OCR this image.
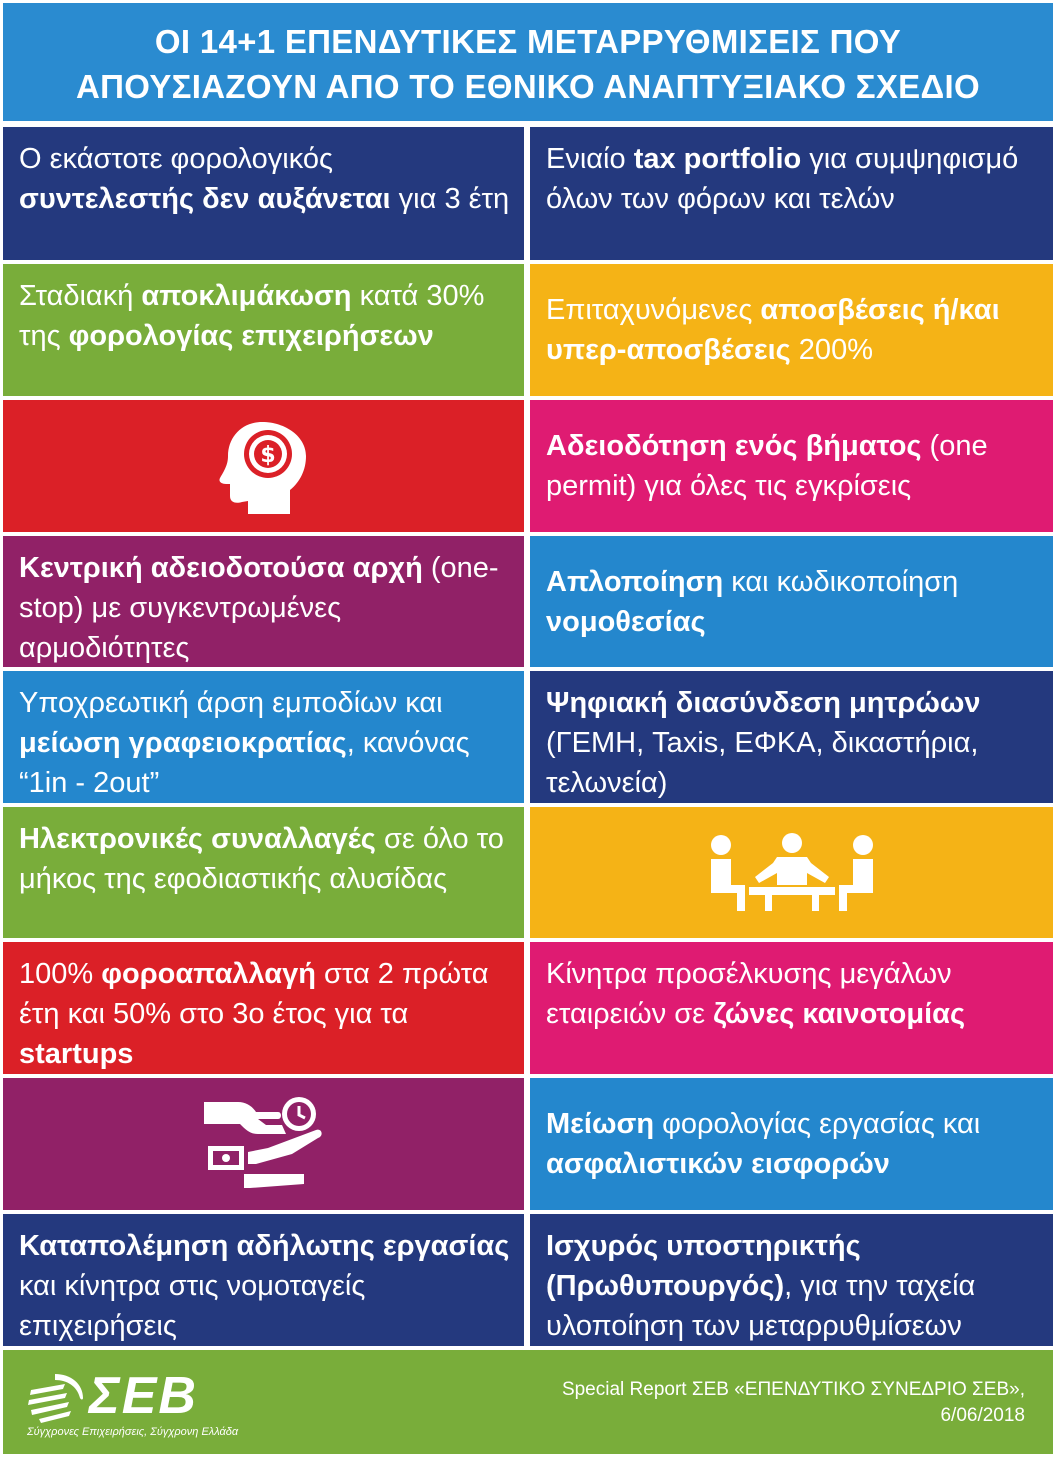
ΟΙ 14+1 ΕΠΕΝΔΥΤΙΚΕΣ ΜΕΤΑΡΡΥΘΜΙΣΕΙΣ ΠΟΥ
ΑΠΟΥΣΙΑΖΟΥΝ ΑΠΟ ΤΟ ΕΘΝΙΚΟ ΑΝΑΠΤΥΞΙΑΚΟ ΣΧΕΔΙΟ
Ο εκάστοτε φορολογικός συντελεστής δεν αυξάνεται για 3 έτη
Ενιαίο tax portfolio για συμψηφισμό όλων των φόρων και τελών
Σταδιακή αποκλιμάκωση κατά 30% της φορολογίας επιχειρήσεων
Επιταχυνόμενες αποσβέσεις ή/και υπερ-αποσβέσεις 200%
$	Αδειοδότηση ενός βήματος (one permit) για όλες τις εγκρίσεις
Κεντρική αδειοδοτούσα αρχή (one-stop) με συγκεντρωμένες αρμοδιότητες
Απλοποίηση και κωδικοποίηση νομοθεσίας
Υποχρεωτική άρση εμποδίων και μείωση γραφειοκρατίας, κανόνας “1in - 2out”
Ψηφιακή διασύνδεση μητρώων (ΓΕΜΗ, Taxis, ΕΦΚΑ, δικαστήρια, τελωνεία)
Ηλεκτρονικές συναλλαγές σε όλο το μήκος της εφοδιαστικής αλυσίδας
100% φοροαπαλλαγή στα 2 πρώτα έτη και 50% στο 3ο έτος για τα startups
Κίνητρα προσέλκυσης μεγάλων εταιρειών σε ζώνες καινοτομίας
Μείωση φορολογίας εργασίας και ασφαλιστικών εισφορών
Καταπολέμηση αδήλωτης εργασίας και κίνητρα στις νομοταγείς επιχειρήσεις
Ισχυρός υποστηρικτής (Πρωθυπουργός), για την ταχεία υλοποίηση των μεταρρυθμίσεων
ΣΕΒ
Σύγχρονες Επιχειρήσεις, Σύγχρονη Ελλάδα
Special Report ΣΕΒ «ΕΠΕΝΔΥΤΙΚΟ ΣΥΝΕΔΡΙΟ ΣΕΒ»,
6/06/2018
